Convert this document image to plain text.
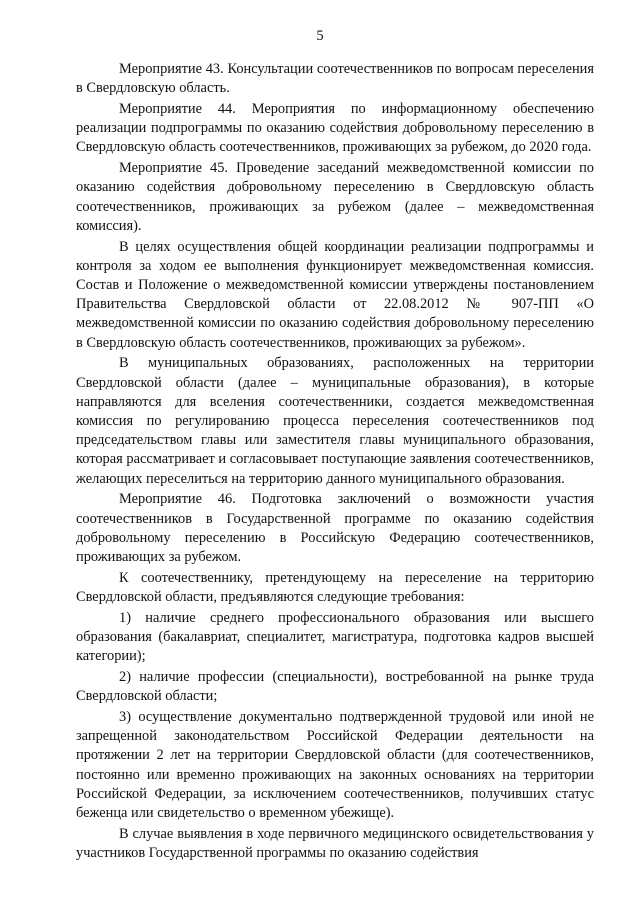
5

Мероприятие 43. Консультации соотечественников по вопросам переселения в Свердловскую область.

Мероприятие 44. Мероприятия по информационному обеспечению реализации подпрограммы по оказанию содействия добровольному переселению в Свердловскую область соотечественников, проживающих за рубежом, до 2020 года.

Мероприятие 45. Проведение заседаний межведомственной комиссии по оказанию содействия добровольному переселению в Свердловскую область соотечественников, проживающих за рубежом (далее – межведомственная комиссия).

В целях осуществления общей координации реализации подпрограммы и контроля за ходом ее выполнения функционирует межведомственная комиссия. Состав и Положение о межведомственной комиссии утверждены постановлением Правительства Свердловской области от 22.08.2012 № 907-ПП «О межведомственной комиссии по оказанию содействия добровольному переселению в Свердловскую область соотечественников, проживающих за рубежом».

В муниципальных образованиях, расположенных на территории Свердловской области (далее – муниципальные образования), в которые направляются для вселения соотечественники, создается межведомственная комиссия по регулированию процесса переселения соотечественников под председательством главы или заместителя главы муниципального образования, которая рассматривает и согласовывает поступающие заявления соотечественников, желающих переселиться на территорию данного муниципального образования.

Мероприятие 46. Подготовка заключений о возможности участия соотечественников в Государственной программе по оказанию содействия добровольному переселению в Российскую Федерацию соотечественников, проживающих за рубежом.

К соотечественнику, претендующему на переселение на территорию Свердловской области, предъявляются следующие требования:

1) наличие среднего профессионального образования или высшего образования (бакалавриат, специалитет, магистратура, подготовка кадров высшей категории);

2) наличие профессии (специальности), востребованной на рынке труда Свердловской области;

3) осуществление документально подтвержденной трудовой или иной не запрещенной законодательством Российской Федерации деятельности на протяжении 2 лет на территории Свердловской области (для соотечественников, постоянно или временно проживающих на законных основаниях на территории Российской Федерации, за исключением соотечественников, получивших статус беженца или свидетельство о временном убежище).

В случае выявления в ходе первичного медицинского освидетельствования у участников Государственной программы по оказанию содействия
